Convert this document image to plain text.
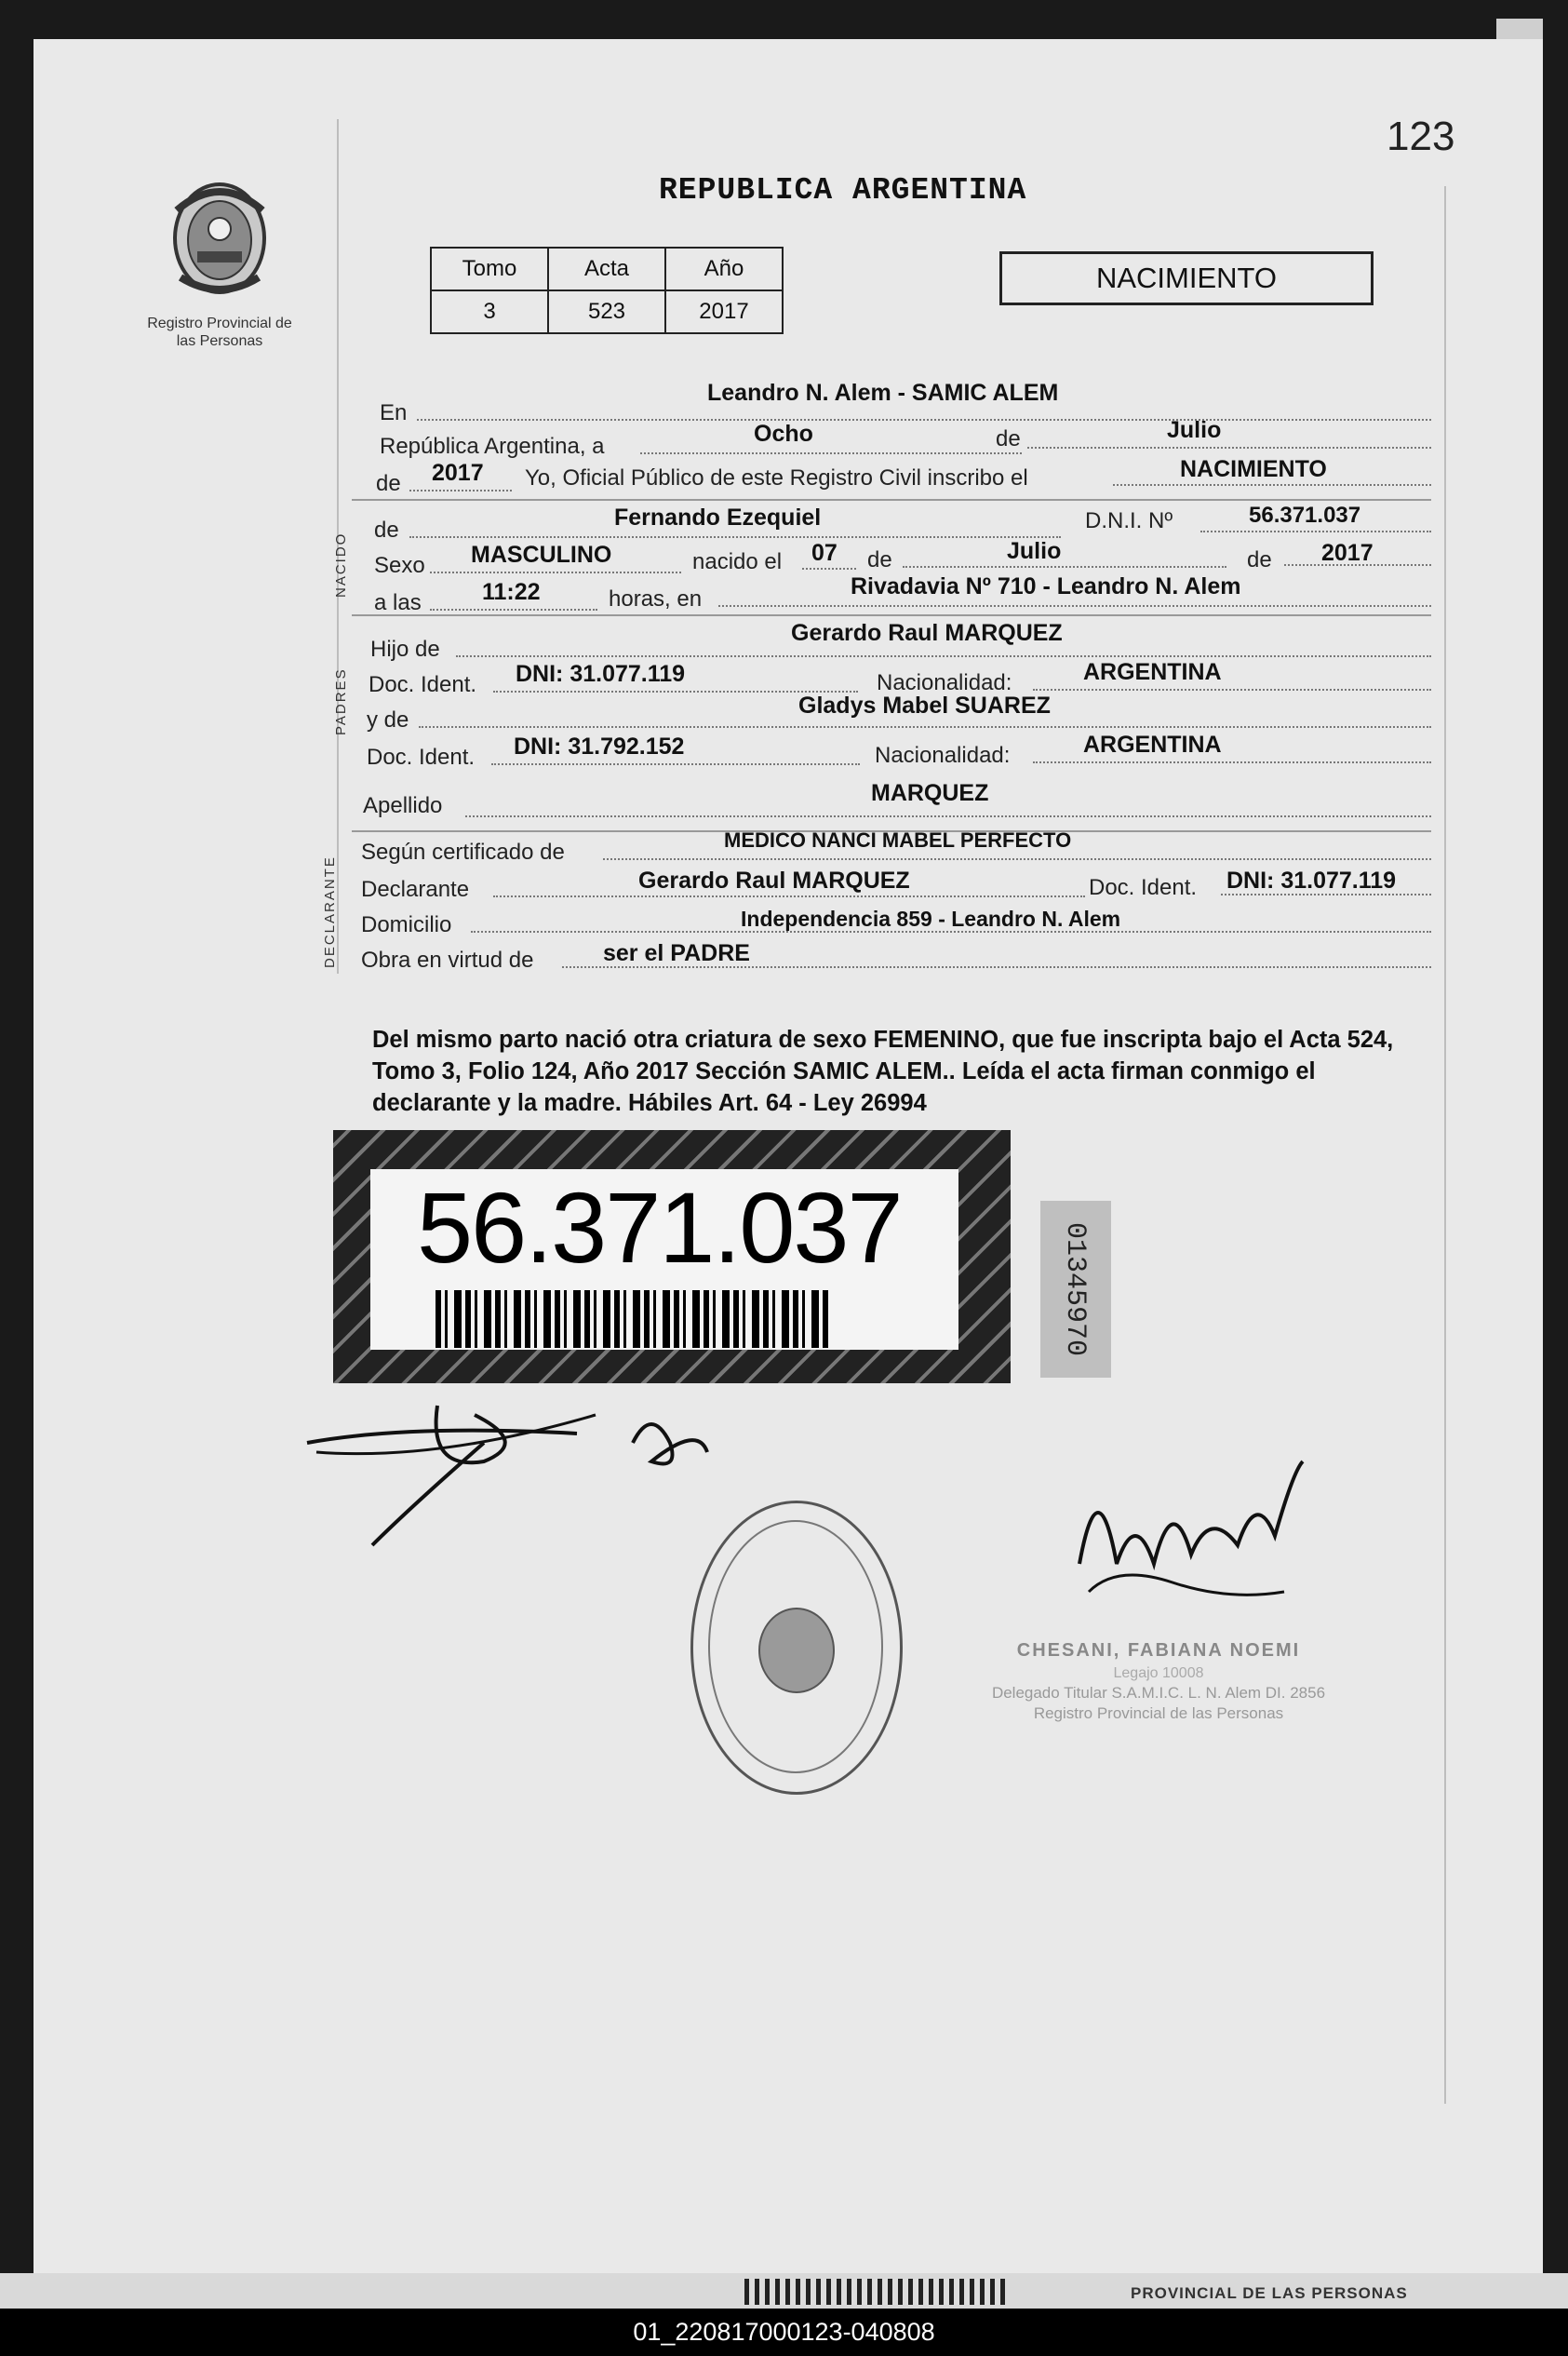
123
Registro Provincial de las Personas
REPUBLICA ARGENTINA
Tomo	Acta	Año
3	523	2017
NACIMIENTO
En
Leandro N. Alem - SAMIC ALEM
República Argentina, a	Ocho	de	Julio
de 2017 Yo, Oficial Público de este Registro Civil inscribo el	NACIMIENTO
NACIDO
de	Fernando Ezequiel	D.N.I. Nº	56.371.037
Sexo MASCULINO	nacido el 07 de	Julio	de 2017
a las	11:22	horas, en	Rivadavia Nº 710 - Leandro N. Alem
PADRES
Hijo de
Gerardo Raul MARQUEZ
Doc. Ident. DNI: 31.077.119	Nacionalidad:	ARGENTINA
y de
Gladys Mabel SUAREZ
Doc. Ident. DNI: 31.792.152	Nacionalidad:	ARGENTINA
Apellido	MARQUEZ
DECLARANTE
Según certificado de	MEDICO NANCI MABEL PERFECTO
Declarante	Gerardo Raul MARQUEZ	Doc. Ident. DNI: 31.077.119
Domicilio	Independencia 859 - Leandro N. Alem
Obra en virtud de	ser el PADRE
Del mismo parto nació otra criatura de sexo FEMENINO, que fue inscripta bajo el Acta 524, Tomo 3, Folio 124, Año 2017 Sección SAMIC ALEM.. Leída el acta firman conmigo el declarante y la madre. Hábiles Art. 64 - Ley 26994
56.371.037	01345970
CHESANI, FABIANA NOEMI
Legajo 10008
Delegado Titular S.A.M.I.C. L. N. Alem DI. 2856
Registro Provincial de las Personas
PROVINCIAL DE LAS PERSONAS
01_220817000123-040808
